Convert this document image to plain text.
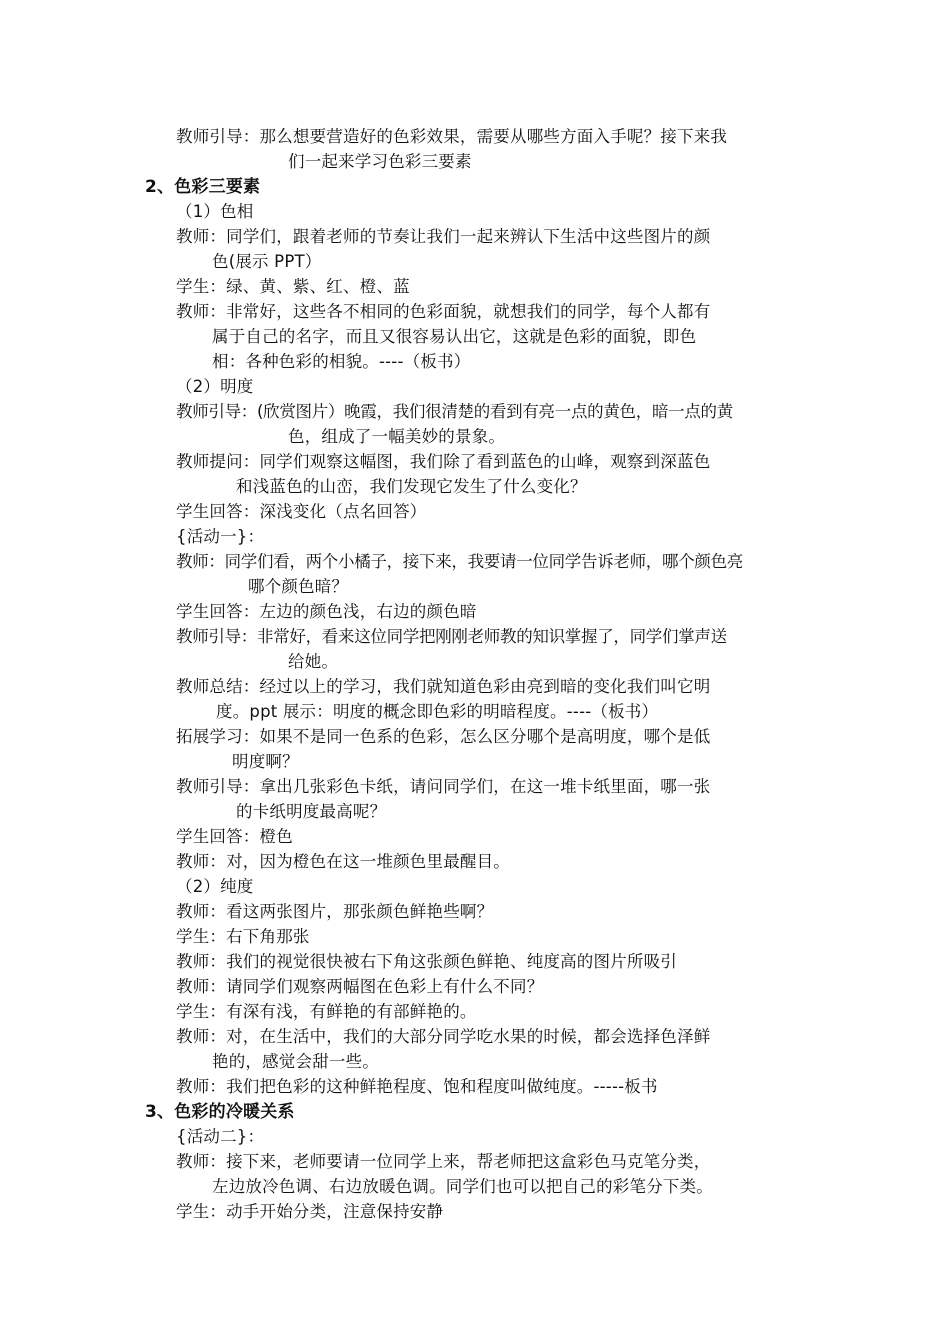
教师引导：那么想要营造好的色彩效果，需要从哪些方面入手呢？接下来我
们一起来学习色彩三要素
2、色彩三要素
（1）色相
教师：同学们，跟着老师的节奏让我们一起来辨认下生活中这些图片的颜
色(展示 PPT）
学生：绿、黄、紫、红、橙、蓝
教师：非常好，这些各不相同的色彩面貌，就想我们的同学，每个人都有
属于自己的名字，而且又很容易认出它，这就是色彩的面貌，即色
相：各种色彩的相貌。----（板书）
（2）明度
教师引导：(欣赏图片）晚霞，我们很清楚的看到有亮一点的黄色，暗一点的黄
色，组成了一幅美妙的景象。
教师提问：同学们观察这幅图，我们除了看到蓝色的山峰，观察到深蓝色
和浅蓝色的山峦，我们发现它发生了什么变化？
学生回答：深浅变化（点名回答）
{活动一}：
教师：同学们看，两个小橘子，接下来，我要请一位同学告诉老师，哪个颜色亮
哪个颜色暗？
学生回答：左边的颜色浅，右边的颜色暗
教师引导：非常好，看来这位同学把刚刚老师教的知识掌握了，同学们掌声送
给她。
教师总结：经过以上的学习，我们就知道色彩由亮到暗的变化我们叫它明
度。ppt 展示：明度的概念即色彩的明暗程度。----（板书）
拓展学习：如果不是同一色系的色彩，怎么区分哪个是高明度，哪个是低
明度啊？
教师引导：拿出几张彩色卡纸，请问同学们，在这一堆卡纸里面，哪一张
的卡纸明度最高呢？
学生回答：橙色
教师：对，因为橙色在这一堆颜色里最醒目。
（2）纯度
教师：看这两张图片，那张颜色鲜艳些啊？
学生：右下角那张
教师：我们的视觉很快被右下角这张颜色鲜艳、纯度高的图片所吸引
教师：请同学们观察两幅图在色彩上有什么不同？
学生：有深有浅，有鲜艳的有部鲜艳的。
教师：对，在生活中，我们的大部分同学吃水果的时候，都会选择色泽鲜
艳的，感觉会甜一些。
教师：我们把色彩的这种鲜艳程度、饱和程度叫做纯度。-----板书
3、色彩的冷暖关系
{活动二}：
教师：接下来，老师要请一位同学上来，帮老师把这盒彩色马克笔分类，
左边放冷色调、右边放暖色调。同学们也可以把自己的彩笔分下类。
学生：动手开始分类，注意保持安静
